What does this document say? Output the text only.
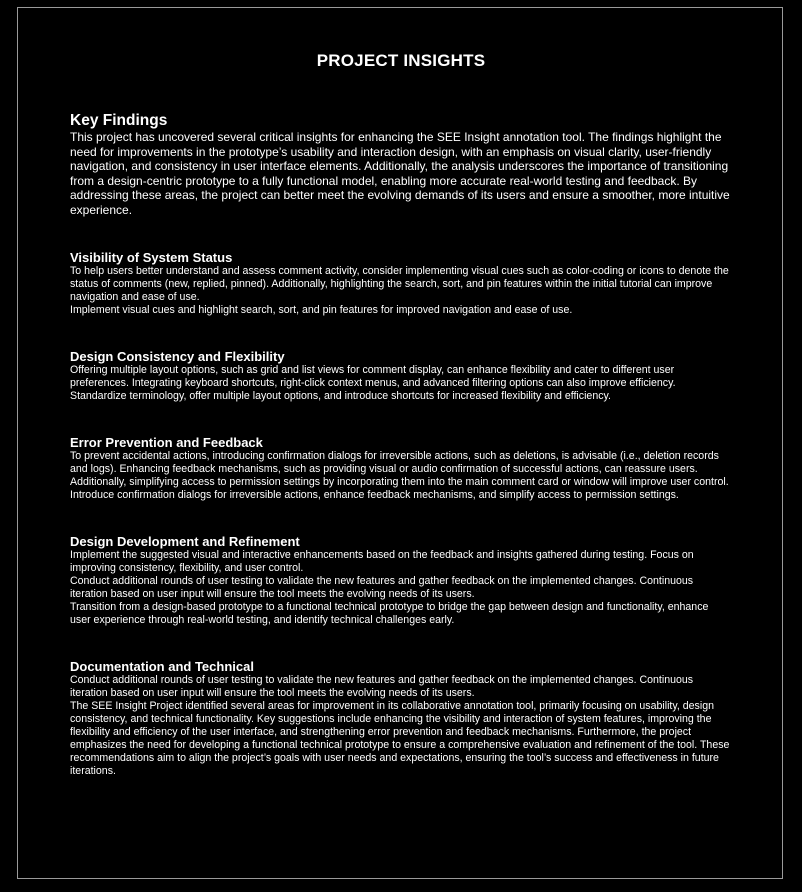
PROJECT INSIGHTS
Key Findings

This project has uncovered several critical insights for enhancing the SEE Insight annotation tool. The findings highlight the need for improvements in the prototype’s usability and interaction design, with an emphasis on visual clarity, user-friendly navigation, and consistency in user interface elements. Additionally, the analysis underscores the importance of transitioning from a design-centric prototype to a fully functional model, enabling more accurate real-world testing and feedback. By addressing these areas, the project can better meet the evolving demands of its users and ensure a smoother, more intuitive experience.

Visibility of System Status

To help users better understand and assess comment activity, consider implementing visual cues such as color-coding or icons to denote the status of comments (new, replied, pinned). Additionally, highlighting the search, sort, and pin features within the initial tutorial can improve navigation and ease of use.

Implement visual cues and highlight search, sort, and pin features for improved navigation and ease of use.

Design Consistency and Flexibility

Offering multiple layout options, such as grid and list views for comment display, can enhance flexibility and cater to different user preferences. Integrating keyboard shortcuts, right-click context menus, and advanced filtering options can also improve efficiency.

Standardize terminology, offer multiple layout options, and introduce shortcuts for increased flexibility and efficiency.

Error Prevention and Feedback

To prevent accidental actions, introducing confirmation dialogs for irreversible actions, such as deletions, is advisable (i.e., deletion records and logs). Enhancing feedback mechanisms, such as providing visual or audio confirmation of successful actions, can reassure users. Additionally, simplifying access to permission settings by incorporating them into the main comment card or window will improve user control.

Introduce confirmation dialogs for irreversible actions, enhance feedback mechanisms, and simplify access to permission settings.

Design Development and Refinement

Implement the suggested visual and interactive enhancements based on the feedback and insights gathered during testing. Focus on improving consistency, flexibility, and user control.

Conduct additional rounds of user testing to validate the new features and gather feedback on the implemented changes. Continuous iteration based on user input will ensure the tool meets the evolving needs of its users.

Transition from a design-based prototype to a functional technical prototype to bridge the gap between design and functionality, enhance user experience through real-world testing, and identify technical challenges early.

Documentation and Technical

Conduct additional rounds of user testing to validate the new features and gather feedback on the implemented changes. Continuous iteration based on user input will ensure the tool meets the evolving needs of its users.

The SEE Insight Project identified several areas for improvement in its collaborative annotation tool, primarily focusing on usability, design consistency, and technical functionality. Key suggestions include enhancing the visibility and interaction of system features, improving the flexibility and efficiency of the user interface, and strengthening error prevention and feedback mechanisms. Furthermore, the project emphasizes the need for developing a functional technical prototype to ensure a comprehensive evaluation and refinement of the tool. These recommendations aim to align the project’s goals with user needs and expectations, ensuring the tool’s success and effectiveness in future iterations.
